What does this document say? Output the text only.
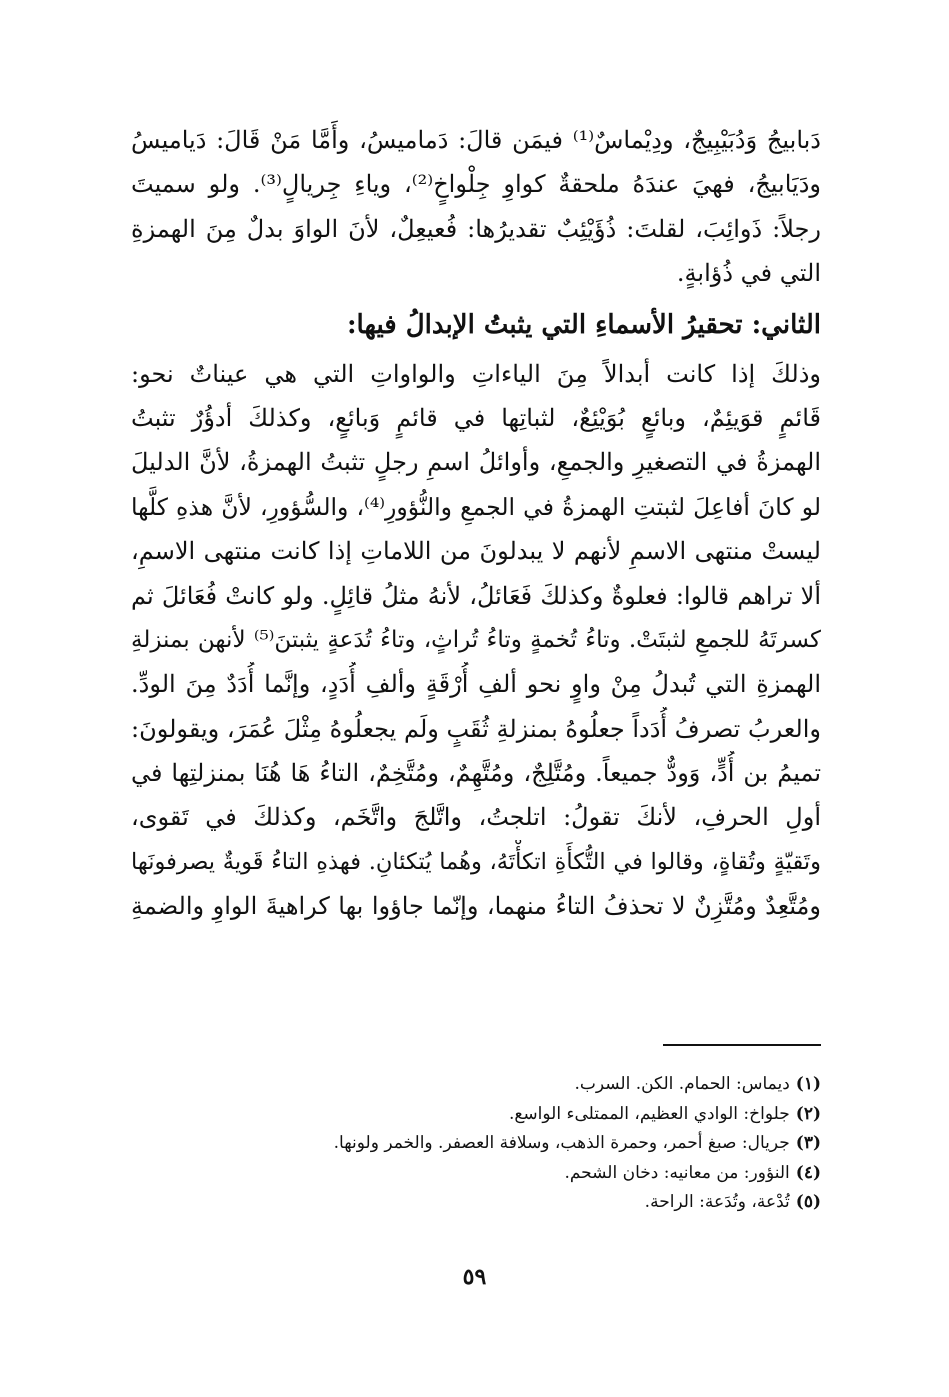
دَبابيجُ وَدُبَيْبِيجٌ، ودِيْماسٌ⁽¹⁾ فيمَن قالَ: دَماميسُ، وأَمَّا مَنْ قَالَ: دَياميسُ
ودَيَابيجُ، فهيَ عندَهُ ملحقةٌ كواوِ جِلْواخٍ⁽²⁾، وياءِ جِريالٍ⁽³⁾. ولو سميتَ
رجلاً: ذَوائِبَ، لقلتَ: ذُؤَيْئِبٌ تقديرُها: فُعيعِلٌ، لأنَ الواوَ بدلٌ مِنَ الهمزةِ
التي في ذُؤابةٍ.
الثاني: تحقيرُ الأسماءِ التي يثبتُ الإبدالُ فيها:
وذلكَ إذا كانت أبدالاً مِنَ الياءاتِ والواواتِ التي هي عيناتٌ نحو:
قَائمٍ قوَيئِمٌ، وبائعٍ بُوَيْئِعٌ، لثباتِها في قائمٍ وَبائعٍ، وكذلكَ أدؤُرٌ تثبتُ
الهمزةُ في التصغيرِ والجمعِ، وأوائلُ اسمِ رجلٍ تثبتُ الهمزةُ، لأنَّ الدليلَ
لو كانَ أفاعِلَ لثبتتِ الهمزةُ في الجمعِ والنُّؤورِ⁽⁴⁾، والسُّؤورِ، لأنَّ هذهِ كلَّها
ليستْ منتهى الاسمِ لأنهم لا يبدلونَ من اللاماتِ إذا كانت منتهى الاسمِ،
ألا تراهم قالوا: فعلوةٌ وكذلكَ فَعَائلُ، لأنهُ مثلُ قائِلٍ. ولو كانتْ فُعَائلَ ثم
كسرتَهُ للجمعِ لثبتَتْ. وتاءُ تُخمةٍ وتاءُ تُراثٍ، وتاءُ تُدَعةٍ يثبتنَ⁽⁵⁾ لأنهن بمنزلةِ
الهمزةِ التي تُبدلُ مِنْ واوٍ نحو ألفِ أُرْقَةٍ وألفِ أُدَدٍ، وإنَّما أُدَدٌ مِنَ الودِّ.
والعربُ تصرفُ أُدَداً جعلُوهُ بمنزلةِ ثُقَبٍ ولَم يجعلُوهُ مِثْلَ عُمَرَ، ويقولونَ:
تميمُ بن أُدٍّ، وَودٌّ جميعاً. ومُتَّلِجٌ، ومُتَّهِمٌ، ومُتَّخِمٌ، التاءُ هَا هُنَا بمنزلتِها في
أولِ الحرفِ، لأنكَ تقولُ: اتلجتُ، واتَّلجَ واتَّخَم، وكذلكَ في تَقوى،
وتَقيّةٍ وتُقاةٍ، وقالوا في التُّكأَةِ اتكأْتَهُ، وهُما يُتكئانِ. فهذهِ التاءُ قَويةٌ يصرفونَها
ومُتَّعِدٌ ومُتَّزِنٌ لا تحذفُ التاءُ منهما، وإنّما جاؤوا بها كراهيةَ الواوِ والضمةِ
(١)ديماس: الحمام. الكن. السرب.
(٢)جلواخ: الوادي العظيم، الممتلىء الواسع.
(٣)جريال: صبغ أحمر، وحمرة الذهب، وسلافة العصفر. والخمر ولونها.
(٤)النؤور: من معانيه: دخان الشحم.
(٥)تُدْعة، وتُدَعة: الراحة.
٥٩
